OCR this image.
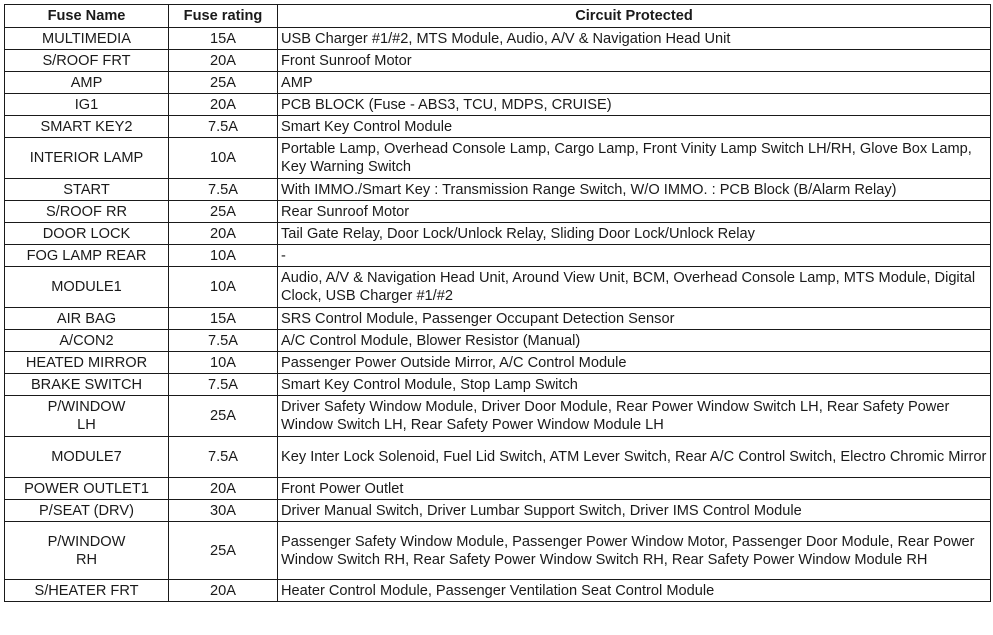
Fuse Name	Fuse rating	Circuit Protected
MULTIMEDIA	15A	USB Charger #1/#2, MTS Module, Audio, A/V & Navigation Head Unit
S/ROOF FRT	20A	Front Sunroof Motor
AMP	25A	AMP
IG1	20A	PCB BLOCK (Fuse - ABS3, TCU, MDPS, CRUISE)
SMART KEY2	7.5A	Smart Key Control Module
INTERIOR LAMP	10A	Portable Lamp, Overhead Console Lamp, Cargo Lamp, Front Vinity Lamp Switch LH/RH, Glove Box Lamp, Key Warning Switch
START	7.5A	With IMMO./Smart Key : Transmission Range Switch, W/O IMMO. : PCB Block (B/Alarm Relay)
S/ROOF RR	25A	Rear Sunroof Motor
DOOR LOCK	20A	Tail Gate Relay, Door Lock/Unlock Relay, Sliding Door Lock/Unlock Relay
FOG LAMP REAR	10A	-
MODULE1	10A	Audio, A/V & Navigation Head Unit, Around View Unit, BCM, Overhead Console Lamp, MTS Module, Digital Clock, USB Charger #1/#2
AIR BAG	15A	SRS Control Module, Passenger Occupant Detection Sensor
A/CON2	7.5A	A/C Control Module, Blower Resistor (Manual)
HEATED MIRROR	10A	Passenger Power Outside Mirror, A/C Control Module
BRAKE SWITCH	7.5A	Smart Key Control Module, Stop Lamp Switch

P/WINDOW
LH	25A	Driver Safety Window Module, Driver Door Module, Rear Power Window Switch LH, Rear Safety Power Window Switch LH, Rear Safety Power Window Module LH
MODULE7	7.5A	Key Inter Lock Solenoid, Fuel Lid Switch, ATM Lever Switch, Rear A/C Control Switch, Electro Chromic Mirror
POWER OUTLET1	20A	Front Power Outlet
P/SEAT (DRV)	30A	Driver Manual Switch, Driver Lumbar Support Switch, Driver IMS Control Module

P/WINDOW
RH	25A	Passenger Safety Window Module, Passenger Power Window Motor, Passenger Door Module, Rear Power Window Switch RH, Rear Safety Power Window Switch RH, Rear Safety Power Window Module RH
S/HEATER FRT	20A	Heater Control Module, Passenger Ventilation Seat Control Module
